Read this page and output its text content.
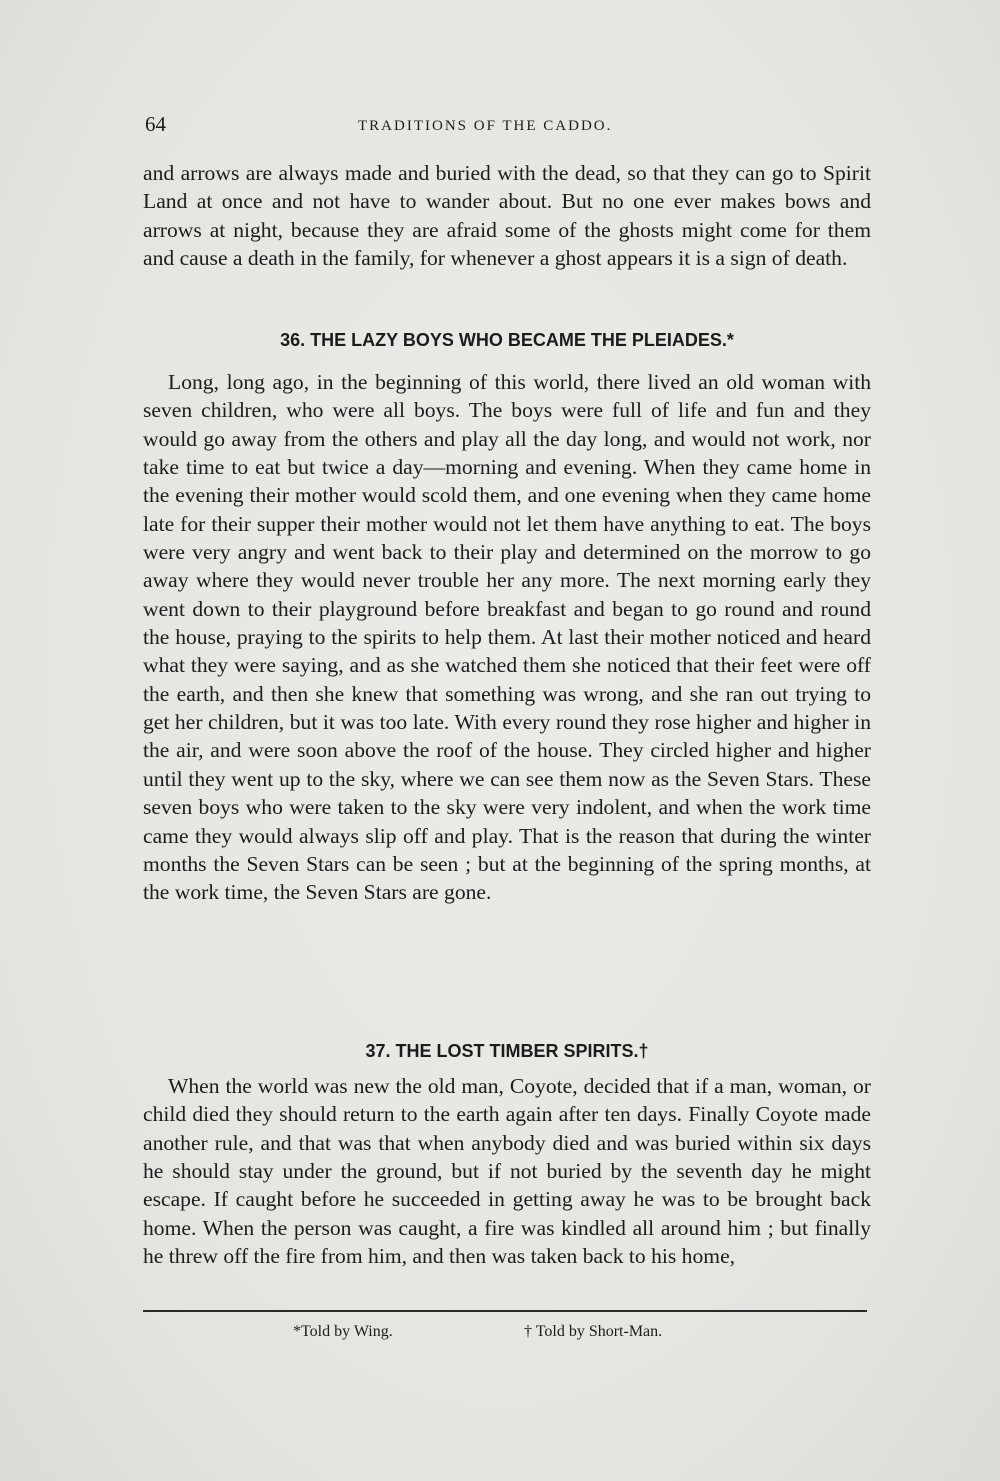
64	TRADITIONS OF THE CADDO.

and arrows are always made and buried with the dead, so that they can go to Spirit Land at once and not have to wander about. But no one ever makes bows and arrows at night, because they are afraid some of the ghosts might come for them and cause a death in the family, for whenever a ghost appears it is a sign of death.

36. THE LAZY BOYS WHO BECAME THE PLEIADES.*

Long, long ago, in the beginning of this world, there lived an old woman with seven children, who were all boys. The boys were full of life and fun and they would go away from the others and play all the day long, and would not work, nor take time to eat but twice a day—morning and evening. When they came home in the evening their mother would scold them, and one evening when they came home late for their supper their mother would not let them have anything to eat. The boys were very angry and went back to their play and determined on the morrow to go away where they would never trouble her any more. The next morning early they went down to their playground before breakfast and began to go round and round the house, praying to the spirits to help them. At last their mother noticed and heard what they were saying, and as she watched them she noticed that their feet were off the earth, and then she knew that something was wrong, and she ran out trying to get her children, but it was too late. With every round they rose higher and higher in the air, and were soon above the roof of the house. They circled higher and higher until they went up to the sky, where we can see them now as the Seven Stars. These seven boys who were taken to the sky were very indolent, and when the work time came they would always slip off and play. That is the reason that during the winter months the Seven Stars can be seen ; but at the beginning of the spring months, at the work time, the Seven Stars are gone.

37. THE LOST TIMBER SPIRITS.†

When the world was new the old man, Coyote, decided that if a man, woman, or child died they should return to the earth again after ten days. Finally Coyote made another rule, and that was that when anybody died and was buried within six days he should stay under the ground, but if not buried by the seventh day he might escape. If caught before he succeeded in getting away he was to be brought back home. When the person was caught, a fire was kindled all around him ; but finally he threw off the fire from him, and then was taken back to his home,

*Told by Wing.	† Told by Short-Man.
